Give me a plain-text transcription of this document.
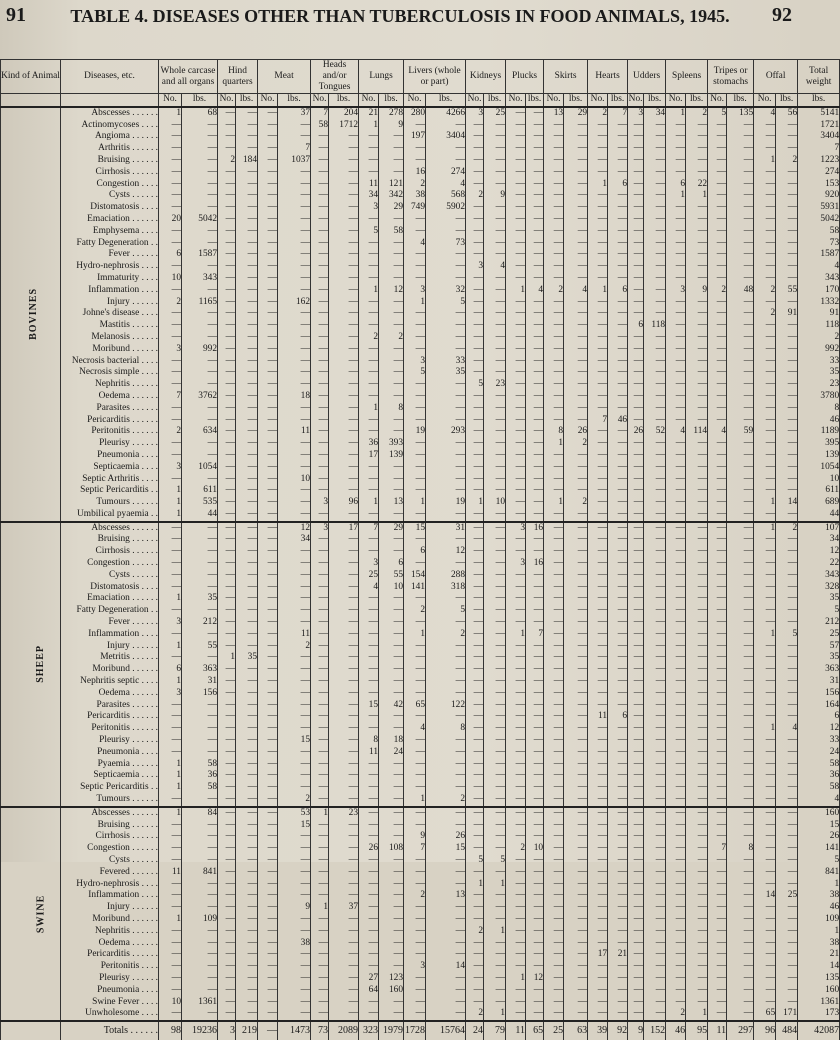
91	TABLE 4. DISEASES OTHER THAN TUBERCULOSIS IN FOOD ANIMALS, 1945.	92
Kind of Animal	Diseases, etc.	Whole carcase and all organs		Hind quarters		Meat		Heads and/or Tongues		Lungs		Livers (whole or part)		Kidneys		Plucks		Skirts		Hearts		Udders		Spleens		Tripes or stomachs		Offal		Total weight
		No.	lbs.	No.	lbs.	No.	lbs.	No.	lbs.	No.	lbs.	No.	lbs.	No.	lbs.	No.	lbs.	No.	lbs.	No.	lbs.	No.	lbs.	No.	lbs.	No.	lbs.	No.	lbs.	lbs.
BOVINES	Abscesses . . . . . .	1	68	—	—	—	37	7	204	21	278	280	4266	3	25	—	—	13	29	2	7	3	34	1	2	5	135	4	56	5141
	Actinomycoses . . . .	—	—	—	—	—	—	58	1712	1	9	—	—	—	—	—	—	—	—	—	—	—	—	—	—	—	—	—	—	1721
	Angioma . . . . . .	—	—	—	—	—	—	—	—	—	—	197	3404	—	—	—	—	—	—	—	—	—	—	—	—	—	—	—	—	3404
	Arthritis . . . . . .	—	—	—	—	—	7	—	—	—	—	—	—	—	—	—	—	—	—	—	—	—	—	—	—	—	—	—	—	7
	Bruising . . . . . .	—	—	2	184	—	1037	—	—	—	—	—	—	—	—	—	—	—	—	—	—	—	—	—	—	—	—	1	2	1223
	Cirrhosis . . . . . .	—	—	—	—	—	—	—	—	—	—	16	274	—	—	—	—	—	—	—	—	—	—	—	—	—	—	—	—	274
	Congestion . . . .	—	—	—	—	—	—	—	—	11	121	2	4	—	—	—	—	—	—	1	6	—	—	6	22	—	—	—	—	153
	Cysts . . . . . .	—	—	—	—	—	—	—	—	34	342	38	568	2	9	—	—	—	—	—	—	—	—	1	1	—	—	—	—	920
	Distomatosis . . . .	—	—	—	—	—	—	—	—	3	29	749	5902	—	—	—	—	—	—	—	—	—	—	—	—	—	—	—	—	5931
	Emaciation . . . . . .	20	5042	—	—	—	—	—	—	—	—	—	—	—	—	—	—	—	—	—	—	—	—	—	—	—	—	—	—	5042
	Emphysema . . . .	—	—	—	—	—	—	—	—	5	58	—	—	—	—	—	—	—	—	—	—	—	—	—	—	—	—	—	—	58
	Fatty Degeneration . .	—	—	—	—	—	—	—	—	—	—	4	73	—	—	—	—	—	—	—	—	—	—	—	—	—	—	—	—	73
	Fever . . . . . .	6	1587	—	—	—	—	—	—	—	—	—	—	—	—	—	—	—	—	—	—	—	—	—	—	—	—	—	—	1587
	Hydro-nephrosis . . . .	—	—	—	—	—	—	—	—	—	—	—	—	3	4	—	—	—	—	—	—	—	—	—	—	—	—	—	—	4
	Immaturity . . . .	10	343	—	—	—	—	—	—	—	—	—	—	—	—	—	—	—	—	—	—	—	—	—	—	—	—	—	—	343
	Inflammation . . . .	—	—	—	—	—	—	—	—	1	12	3	32	—	—	1	4	2	4	1	6	—	—	3	9	2	48	2	55	170
	Injury . . . . . .	2	1165	—	—	—	162	—	—	—	—	1	5	—	—	—	—	—	—	—	—	—	—	—	—	—	—	—	—	1332
	Johne's disease . . . .	—	—	—	—	—	—	—	—	—	—	—	—	—	—	—	—	—	—	—	—	—	—	—	—	—	—	2	91	91
	Mastitis . . . . . .	—	—	—	—	—	—	—	—	—	—	—	—	—	—	—	—	—	—	—	—	6	118	—	—	—	—	—	—	118
	Melanosis . . . . . .	—	—	—	—	—	—	—	—	2	2	—	—	—	—	—	—	—	—	—	—	—	—	—	—	—	—	—	—	2
	Moribund . . . . . .	3	992	—	—	—	—	—	—	—	—	—	—	—	—	—	—	—	—	—	—	—	—	—	—	—	—	—	—	992
	Necrosis bacterial . . . .	—	—	—	—	—	—	—	—	—	—	3	33	—	—	—	—	—	—	—	—	—	—	—	—	—	—	—	—	33
	Necrosis simple . . . .	—	—	—	—	—	—	—	—	—	—	5	35	—	—	—	—	—	—	—	—	—	—	—	—	—	—	—	—	35
	Nephritis . . . . . .	—	—	—	—	—	—	—	—	—	—	—	—	5	23	—	—	—	—	—	—	—	—	—	—	—	—	—	—	23
	Oedema . . . . . .	7	3762	—	—	—	18	—	—	—	—	—	—	—	—	—	—	—	—	—	—	—	—	—	—	—	—	—	—	3780
	Parasites . . . . . .	—	—	—	—	—	—	—	—	1	8	—	—	—	—	—	—	—	—	—	—	—	—	—	—	—	—	—	—	8
	Pericarditis . . . . . .	—	—	—	—	—	—	—	—	—	—	—	—	—	—	—	—	—	—	7	46	—	—	—	—	—	—	—	—	46
	Peritonitis . . . . . .	2	634	—	—	—	11	—	—	—	—	19	293	—	—	—	—	8	26	—	—	26	52	4	114	4	59	—	—	1189
	Pleurisy . . . . . .	—	—	—	—	—	—	—	—	36	393	—	—	—	—	—	—	1	2	—	—	—	—	—	—	—	—	—	—	395
	Pneumonia . . . .	—	—	—	—	—	—	—	—	17	139	—	—	—	—	—	—	—	—	—	—	—	—	—	—	—	—	—	—	139
	Septicaemia . . . .	3	1054	—	—	—	—	—	—	—	—	—	—	—	—	—	—	—	—	—	—	—	—	—	—	—	—	—	—	1054
	Septic Arthritis . . . .	—	—	—	—	—	10	—	—	—	—	—	—	—	—	—	—	—	—	—	—	—	—	—	—	—	—	—	—	10
	Septic Pericarditis . .	1	611	—	—	—	—	—	—	—	—	—	—	—	—	—	—	—	—	—	—	—	—	—	—	—	—	—	—	611
	Tumours . . . . . .	1	535	—	—	—	—	3	96	1	13	1	19	1	10	—	—	1	2	—	—	—	—	—	—	—	—	1	14	689
	Umbilical pyaemia . .	1	44	—	—	—	—	—	—	—	—	—	—	—	—	—	—	—	—	—	—	—	—	—	—	—	—	—	—	44
SHEEP	Abscesses . . . . . .	—	—	—	—	—	12	3	17	7	29	15	31	—	—	3	16	—	—	—	—	—	—	—	—	—	—	1	2	107
	Bruising . . . . . .	—	—	—	—	—	34	—	—	—	—	—	—	—	—	—	—	—	—	—	—	—	—	—	—	—	—	—	—	34
	Cirrhosis . . . . . .	—	—	—	—	—	—	—	—	—	—	6	12	—	—	—	—	—	—	—	—	—	—	—	—	—	—	—	—	12
	Congestion . . . . . .	—	—	—	—	—	—	—	—	3	6	—	—	—	—	3	16	—	—	—	—	—	—	—	—	—	—	—	—	22
	Cysts . . . . . .	—	—	—	—	—	—	—	—	25	55	154	288	—	—	—	—	—	—	—	—	—	—	—	—	—	—	—	—	343
	Distomatosis . . . .	—	—	—	—	—	—	—	—	4	10	141	318	—	—	—	—	—	—	—	—	—	—	—	—	—	—	—	—	328
	Emaciation . . . . . .	1	35	—	—	—	—	—	—	—	—	—	—	—	—	—	—	—	—	—	—	—	—	—	—	—	—	—	—	35
	Fatty Degeneration . .	—	—	—	—	—	—	—	—	—	—	2	5	—	—	—	—	—	—	—	—	—	—	—	—	—	—	—	—	5
	Fever . . . . . .	3	212	—	—	—	—	—	—	—	—	—	—	—	—	—	—	—	—	—	—	—	—	—	—	—	—	—	—	212
	Inflammation . . . .	—	—	—	—	—	11	—	—	—	—	1	2	—	—	1	7	—	—	—	—	—	—	—	—	—	—	1	5	25
	Injury . . . . . .	1	55	—	—	—	2	—	—	—	—	—	—	—	—	—	—	—	—	—	—	—	—	—	—	—	—	—	—	57
	Metritis . . . . . .	—	—	1	35	—	—	—	—	—	—	—	—	—	—	—	—	—	—	—	—	—	—	—	—	—	—	—	—	35
	Moribund . . . . . .	6	363	—	—	—	—	—	—	—	—	—	—	—	—	—	—	—	—	—	—	—	—	—	—	—	—	—	—	363
	Nephritis septic . . . .	1	31	—	—	—	—	—	—	—	—	—	—	—	—	—	—	—	—	—	—	—	—	—	—	—	—	—	—	31
	Oedema . . . . . .	3	156	—	—	—	—	—	—	—	—	—	—	—	—	—	—	—	—	—	—	—	—	—	—	—	—	—	—	156
	Parasites . . . . . .	—	—	—	—	—	—	—	—	15	42	65	122	—	—	—	—	—	—	—	—	—	—	—	—	—	—	—	—	164
	Pericarditis . . . . . .	—	—	—	—	—	—	—	—	—	—	—	—	—	—	—	—	—	—	11	6	—	—	—	—	—	—	—	—	6
	Peritonitis . . . . . .	—	—	—	—	—	—	—	—	—	—	4	8	—	—	—	—	—	—	—	—	—	—	—	—	—	—	1	4	12
	Pleurisy . . . . . .	—	—	—	—	—	15	—	—	8	18	—	—	—	—	—	—	—	—	—	—	—	—	—	—	—	—	—	—	33
	Pneumonia . . . .	—	—	—	—	—	—	—	—	11	24	—	—	—	—	—	—	—	—	—	—	—	—	—	—	—	—	—	—	24
	Pyaemia . . . . . .	1	58	—	—	—	—	—	—	—	—	—	—	—	—	—	—	—	—	—	—	—	—	—	—	—	—	—	—	58
	Septicaemia . . . .	1	36	—	—	—	—	—	—	—	—	—	—	—	—	—	—	—	—	—	—	—	—	—	—	—	—	—	—	36
	Septic Pericarditis . .	1	58	—	—	—	—	—	—	—	—	—	—	—	—	—	—	—	—	—	—	—	—	—	—	—	—	—	—	58
	Tumours . . . . . .	—	—	—	—	—	2	—	—	—	—	1	2	—	—	—	—	—	—	—	—	—	—	—	—	—	—	—	—	4
SWINE	Abscesses . . . . . .	1	84	—	—	—	53	1	23	—	—	—	—	—	—	—	—	—	—	—	—	—	—	—	—	—	—	—	—	160
	Bruising . . . . . .	—	—	—	—	—	15	—	—	—	—	—	—	—	—	—	—	—	—	—	—	—	—	—	—	—	—	—	—	15
	Cirrhosis . . . . . .	—	—	—	—	—	—	—	—	—	—	9	26	—	—	—	—	—	—	—	—	—	—	—	—	—	—	—	—	26
	Congestion . . . . . .	—	—	—	—	—	—	—	—	26	108	7	15	—	—	2	10	—	—	—	—	—	—	—	—	7	8	—	—	141
	Cysts . . . . . .	—	—	—	—	—	—	—	—	—	—	—	—	5	5	—	—	—	—	—	—	—	—	—	—	—	—	—	—	5
	Fevered . . . . . .	11	841	—	—	—	—	—	—	—	—	—	—	—	—	—	—	—	—	—	—	—	—	—	—	—	—	—	—	841
	Hydro-nephrosis . . . .	—	—	—	—	—	—	—	—	—	—	—	—	1	1	—	—	—	—	—	—	—	—	—	—	—	—	—	—	1
	Inflammation . . . .	—	—	—	—	—	—	—	—	—	—	2	13	—	—	—	—	—	—	—	—	—	—	—	—	—	—	14	25	38
	Injury . . . . . .	—	—	—	—	—	9	1	37	—	—	—	—	—	—	—	—	—	—	—	—	—	—	—	—	—	—	—	—	46
	Moribund . . . . . .	1	109	—	—	—	—	—	—	—	—	—	—	—	—	—	—	—	—	—	—	—	—	—	—	—	—	—	—	109
	Nephritis . . . . . .	—	—	—	—	—	—	—	—	—	—	—	—	2	1	—	—	—	—	—	—	—	—	—	—	—	—	—	—	1
	Oedema . . . . . .	—	—	—	—	—	38	—	—	—	—	—	—	—	—	—	—	—	—	—	—	—	—	—	—	—	—	—	—	38
	Pericarditis . . . . . .	—	—	—	—	—	—	—	—	—	—	—	—	—	—	—	—	—	—	17	21	—	—	—	—	—	—	—	—	21
	Peritonitis . . . .	—	—	—	—	—	—	—	—	—	—	3	14	—	—	—	—	—	—	—	—	—	—	—	—	—	—	—	—	14
	Pleurisy . . . . . .	—	—	—	—	—	—	—	—	27	123	—	—	—	—	1	12	—	—	—	—	—	—	—	—	—	—	—	—	135
	Pneumonia . . . .	—	—	—	—	—	—	—	—	64	160	—	—	—	—	—	—	—	—	—	—	—	—	—	—	—	—	—	—	160
	Swine Fever . . . .	10	1361	—	—	—	—	—	—	—	—	—	—	—	—	—	—	—	—	—	—	—	—	—	—	—	—	—	—	1361
	Unwholesome . . . .	—	—	—	—	—	—	—	—	—	—	—	—	2	1	—	—	—	—	—	—	—	—	2	1	—	—	65	171	173
	Totals . . . . . .	98	19236	3	219	—	1473	73	2089	323	1979	1728	15764	24	79	11	65	25	63	39	92	9	152	46	95	11	297	96	484	42087
